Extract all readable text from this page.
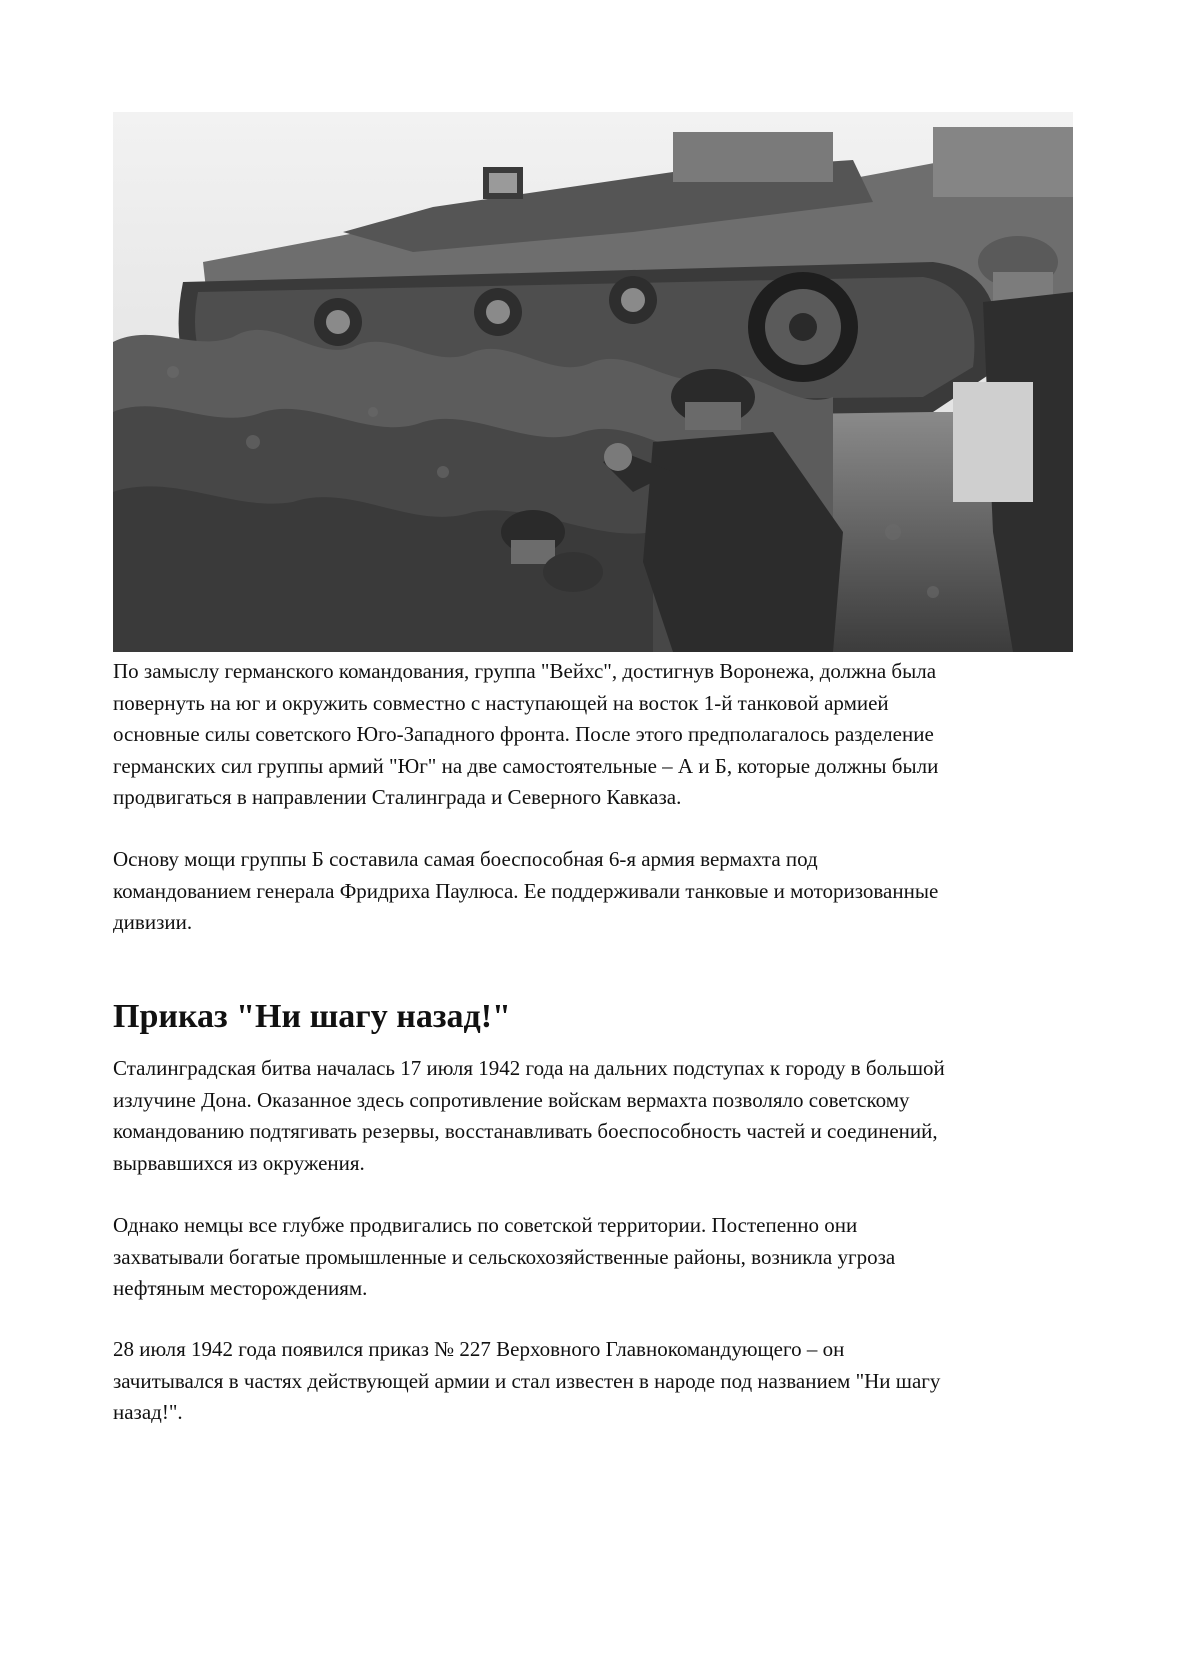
По замыслу германского командования, группа "Вейхс", достигнув Воронежа, должна была
повернуть на юг и окружить совместно с наступающей на восток 1-й танковой армией
основные силы советского Юго-Западного фронта. После этого предполагалось разделение
германских сил группы армий "Юг" на две самостоятельные – А и Б, которые должны были
продвигаться в направлении Сталинграда и Северного Кавказа.

Основу мощи группы Б составила самая боеспособная 6-я армия вермахта под
командованием генерала Фридриха Паулюса. Ее поддерживали танковые и моторизованные
дивизии.

Приказ "Ни шагу назад!"

Сталинградская битва началась 17 июля 1942 года на дальних подступах к городу в большой
излучине Дона. Оказанное здесь сопротивление войскам вермахта позволяло советскому
командованию подтягивать резервы, восстанавливать боеспособность частей и соединений,
вырвавшихся из окружения.

Однако немцы все глубже продвигались по советской территории. Постепенно они
захватывали богатые промышленные и сельскохозяйственные районы, возникла угроза
нефтяным месторождениям.

28 июля 1942 года появился приказ № 227 Верховного Главнокомандующего – он
зачитывался в частях действующей армии и стал известен в народе под названием "Ни шагу
назад!".
